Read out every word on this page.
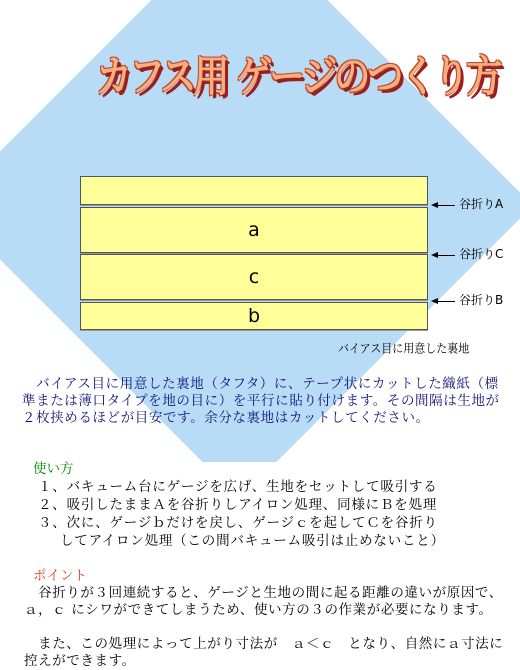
カフス用 ゲージのつくり方
a
c
b
谷折りA
谷折りC
谷折りB
バイアス目に用意した裏地
　バイアス目に用意した裏地（タフタ）に、テープ状にカットした織紙（標準または薄口タイプを地の目に）を平行に貼り付けます。その間隔は生地が２枚挟めるほどが目安です。余分な裏地はカットしてください。
使い方
１、バキューム台にゲージを広げ、生地をセットして吸引する
２、吸引したままＡを谷折りしアイロン処理、同様にＢを処理
３、次に、ゲージｂだけを戻し、ゲージｃを起してＣを谷折り
してアイロン処理（この間バキューム吸引は止めないこと）
ポイント
　谷折りが３回連続すると、ゲージと生地の間に起る距離の違いが原因で、ａ，ｃ にシワができてしまうため、使い方の３の作業が必要になります。
　また、この処理によって上がり寸法が　ａ＜ｃ　となり、自然にａ寸法に控えができます。
